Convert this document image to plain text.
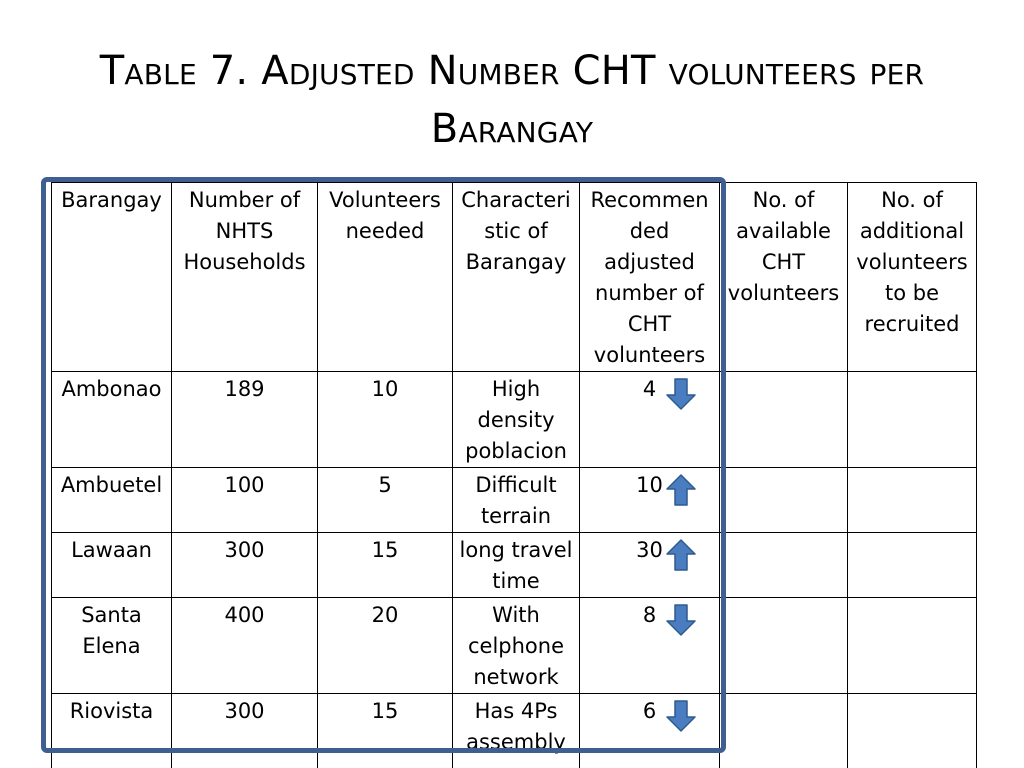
Table 7. Adjusted Number CHT volunteers per
Barangay
Barangay	Number of NHTS Households	Volunteers needed	Characteri stic of Barangay	Recommen ded adjusted number of CHT volunteers	No. of available CHT volunteers	No. of additional volunteers to be recruited
Ambonao	189	10	High density poblacion	4

Ambuetel	100	5	Difficult terrain	10

Lawaan	300	15	long travel time	30

Santa Elena	400	20	With celphone network	8

Riovista	300	15	Has 4Ps assembly	6
